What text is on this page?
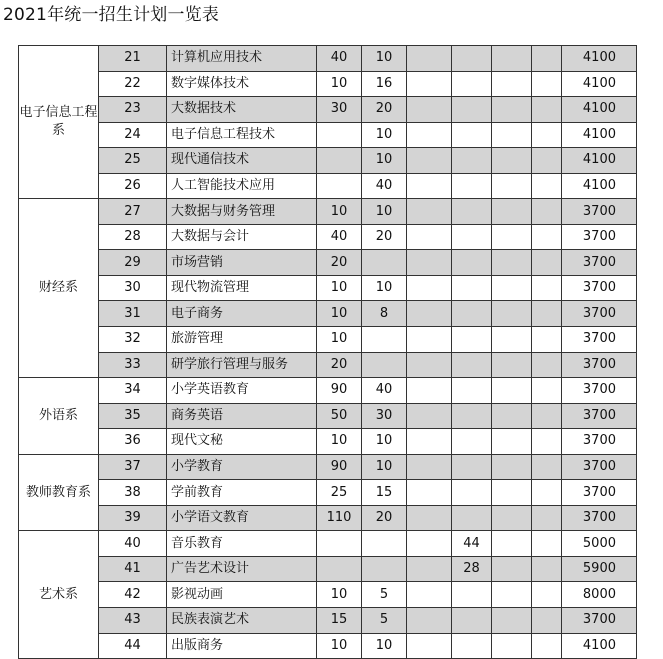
2021年统一招生计划一览表
电子信息工程系	21	计算机应用技术	40	10					4100
	22	数字媒体技术	10	16					4100
	23	大数据技术	30	20					4100
	24	电子信息工程技术		10					4100
	25	现代通信技术		10					4100
	26	人工智能技术应用		40					4100
财经系	27	大数据与财务管理	10	10					3700
	28	大数据与会计	40	20					3700
	29	市场营销	20						3700
	30	现代物流管理	10	10					3700
	31	电子商务	10	8					3700
	32	旅游管理	10						3700
	33	研学旅行管理与服务	20						3700
外语系	34	小学英语教育	90	40					3700
	35	商务英语	50	30					3700
	36	现代文秘	10	10					3700
教师教育系	37	小学教育	90	10					3700
	38	学前教育	25	15					3700
	39	小学语文教育	110	20					3700
艺术系	40	音乐教育				44			5000
	41	广告艺术设计				28			5900
	42	影视动画	10	5					8000
	43	民族表演艺术	15	5					3700
	44	出版商务	10	10					4100
